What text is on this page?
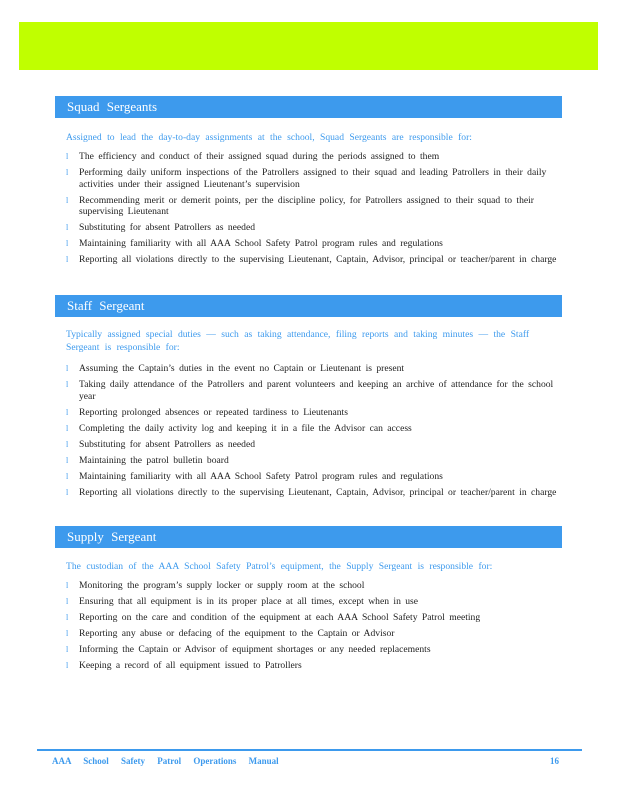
Squad Sergeants
Assigned to lead the day-to-day assignments at the school, Squad Sergeants are responsible for:
l The efficiency and conduct of their assigned squad during the periods assigned to them
l Performing daily uniform inspections of the Patrollers assigned to their squad and leading Patrollers in their daily activities under their assigned Lieutenant’s supervision
l Recommending merit or demerit points, per the discipline policy, for Patrollers assigned to their squad to their supervising Lieutenant
l Substituting for absent Patrollers as needed
l Maintaining familiarity with all AAA School Safety Patrol program rules and regulations
l Reporting all violations directly to the supervising Lieutenant, Captain, Advisor, principal or teacher/parent in charge
Staff Sergeant
Typically assigned special duties — such as taking attendance, filing reports and taking minutes — the Staff Sergeant is responsible for:
l Assuming the Captain’s duties in the event no Captain or Lieutenant is present
l Taking daily attendance of the Patrollers and parent volunteers and keeping an archive of attendance for the school year
l Reporting prolonged absences or repeated tardiness to Lieutenants
l Completing the daily activity log and keeping it in a file the Advisor can access
l Substituting for absent Patrollers as needed
l Maintaining the patrol bulletin board
l Maintaining familiarity with all AAA School Safety Patrol program rules and regulations
l Reporting all violations directly to the supervising Lieutenant, Captain, Advisor, principal or teacher/parent in charge
Supply Sergeant
The custodian of the AAA School Safety Patrol’s equipment, the Supply Sergeant is responsible for:
l Monitoring the program’s supply locker or supply room at the school
l Ensuring that all equipment is in its proper place at all times, except when in use
l Reporting on the care and condition of the equipment at each AAA School Safety Patrol meeting
l Reporting any abuse or defacing of the equipment to the Captain or Advisor
l Informing the Captain or Advisor of equipment shortages or any needed replacements
l Keeping a record of all equipment issued to Patrollers
AAA School Safety Patrol Operations Manual	16
